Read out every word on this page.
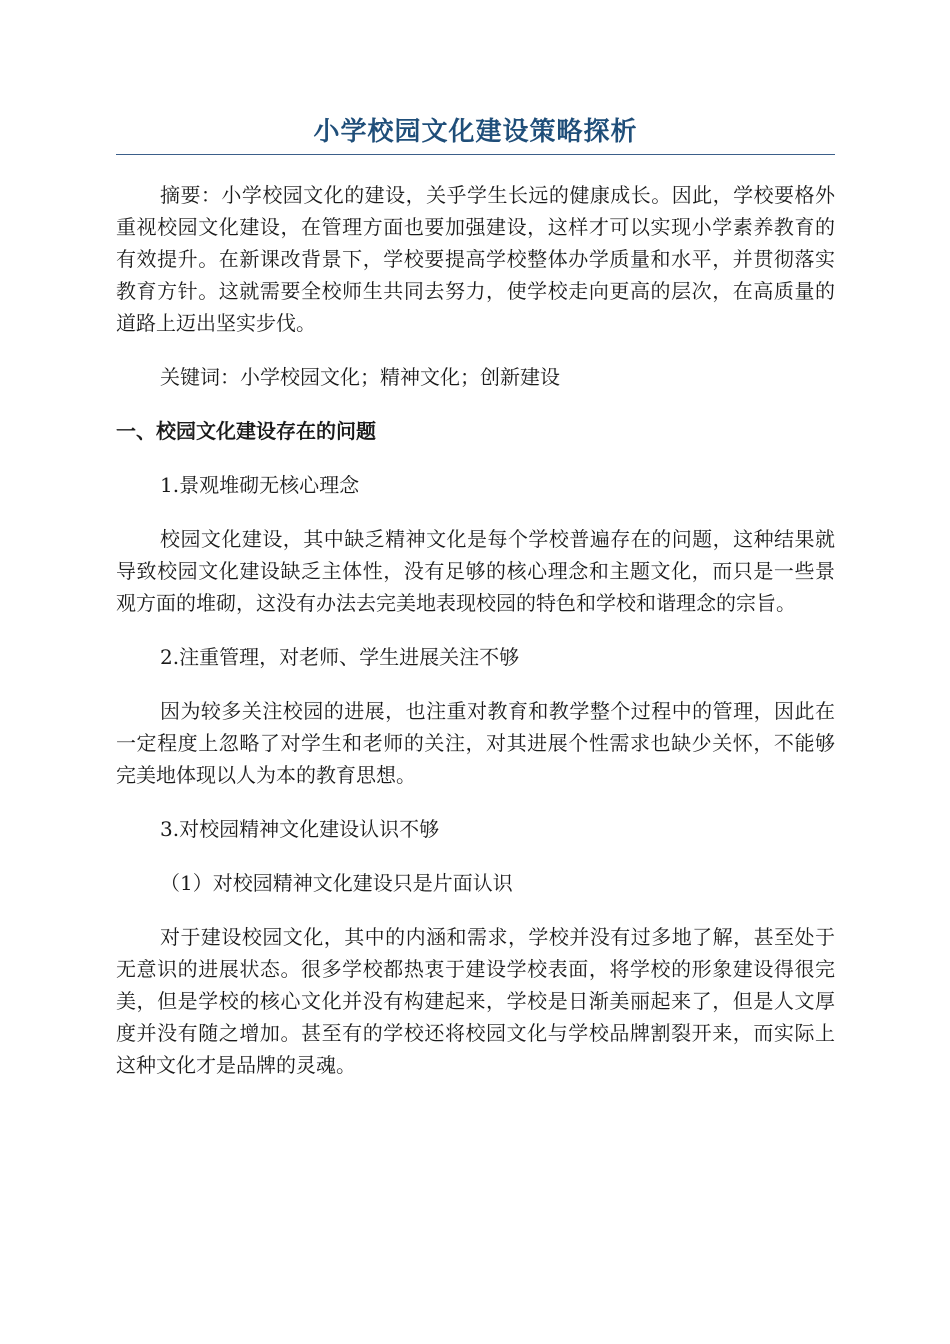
小学校园文化建设策略探析

摘要：小学校园文化的建设，关乎学生长远的健康成长。因此，学校要格外重视校园文化建设，在管理方面也要加强建设，这样才可以实现小学素养教育的有效提升。在新课改背景下，学校要提高学校整体办学质量和水平，并贯彻落实教育方针。这就需要全校师生共同去努力，使学校走向更高的层次，在高质量的道路上迈出坚实步伐。

关键词：小学校园文化；精神文化；创新建设

一、校园文化建设存在的问题

1.景观堆砌无核心理念

校园文化建设，其中缺乏精神文化是每个学校普遍存在的问题，这种结果就导致校园文化建设缺乏主体性，没有足够的核心理念和主题文化，而只是一些景观方面的堆砌，这没有办法去完美地表现校园的特色和学校和谐理念的宗旨。

2.注重管理，对老师、学生进展关注不够

因为较多关注校园的进展，也注重对教育和教学整个过程中的管理，因此在一定程度上忽略了对学生和老师的关注，对其进展个性需求也缺少关怀，不能够完美地体现以人为本的教育思想。

3.对校园精神文化建设认识不够

（1）对校园精神文化建设只是片面认识

对于建设校园文化，其中的内涵和需求，学校并没有过多地了解，甚至处于无意识的进展状态。很多学校都热衷于建设学校表面，将学校的形象建设得很完美，但是学校的核心文化并没有构建起来，学校是日渐美丽起来了，但是人文厚度并没有随之增加。甚至有的学校还将校园文化与学校品牌割裂开来，而实际上这种文化才是品牌的灵魂。
